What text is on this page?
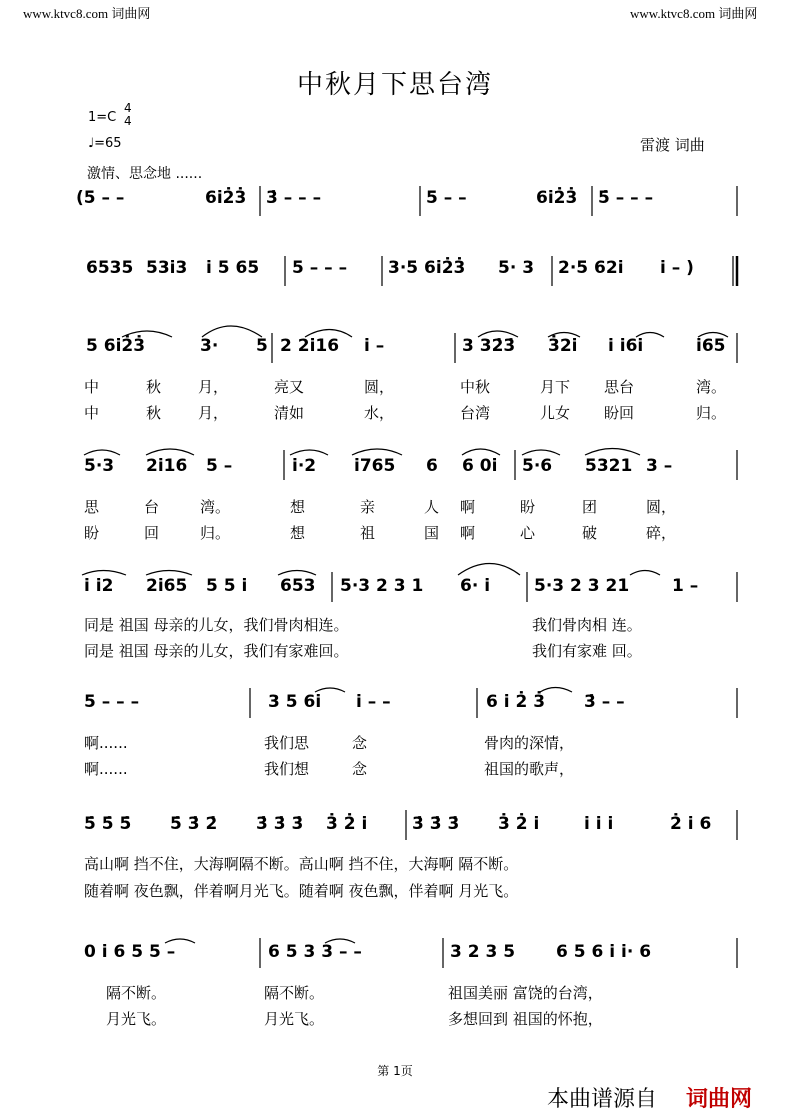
www.ktvc8.com 词曲网	www.ktvc8.com 词曲网
中秋月下思台湾
1=C
4
4
♩=65	雷渡 词曲
激情、思念地 ......
(5 – –	6i2̇3̇ 3̇ – – –	5 – –	6i2̇3̇ 5̇ – – –
6535 53i3 i 5 65 5 – – – 3·5 6i2̇3̇ 5· 3 2·5 62i i – )
5 6i2̇3̇	3· 5 2 2i16 i –	3 32̇3̇ 3̇2i i i6i	i65
中	秋 月，	亮又	圆，	中秋	月下 思台	湾。
中	秋 月，	清如	水，	台湾	儿女 盼回	归。
5·3 2i16 5 –	i·2 i765 6 6 0i 5·6 5321 3 –
思	台	湾。	想	亲	人 啊	盼	团	圆，
盼	回	归。	想	祖	国 啊	心	破	碎，
i i2 2i65 5 5 i 653 5·3 2 3 1 6· i	5·3 2 3 21	1 –
同是 祖国 母亲的儿女，我们骨肉相连。	我们骨肉相 连。
同是 祖国 母亲的儿女，我们有家难回。	我们有家难 回。
5 – – –	3 5 6i i – –	6 i 2̇ 3̇ 3̇ – –
啊......	我们思	念	骨肉的深情，
啊......	我们想	念	祖国的歌声，
5̇ 5̇ 5̇ 5̇ 3̇ 2̇ 3̇ 3̇ 3̇ 3̇ 2̇ i	3̇ 3̇ 3̇ 3̇ 2̇ i	i i i	2̇ i 6
高山啊 挡不住，大海啊隔不断。高山啊 挡不住，大海啊 隔不断。
随着啊 夜色飘，伴着啊月光飞。随着啊 夜色飘，伴着啊 月光飞。
0 i 6 5 5 –	6 5 3 3 – –	3 2 3 5 6 5 6 i i· 6
隔不断。	隔不断。	祖国美丽 富饶的台湾，
月光飞。	月光飞。	多想回到 祖国的怀抱，
第 1页
本曲谱源自 词曲网
